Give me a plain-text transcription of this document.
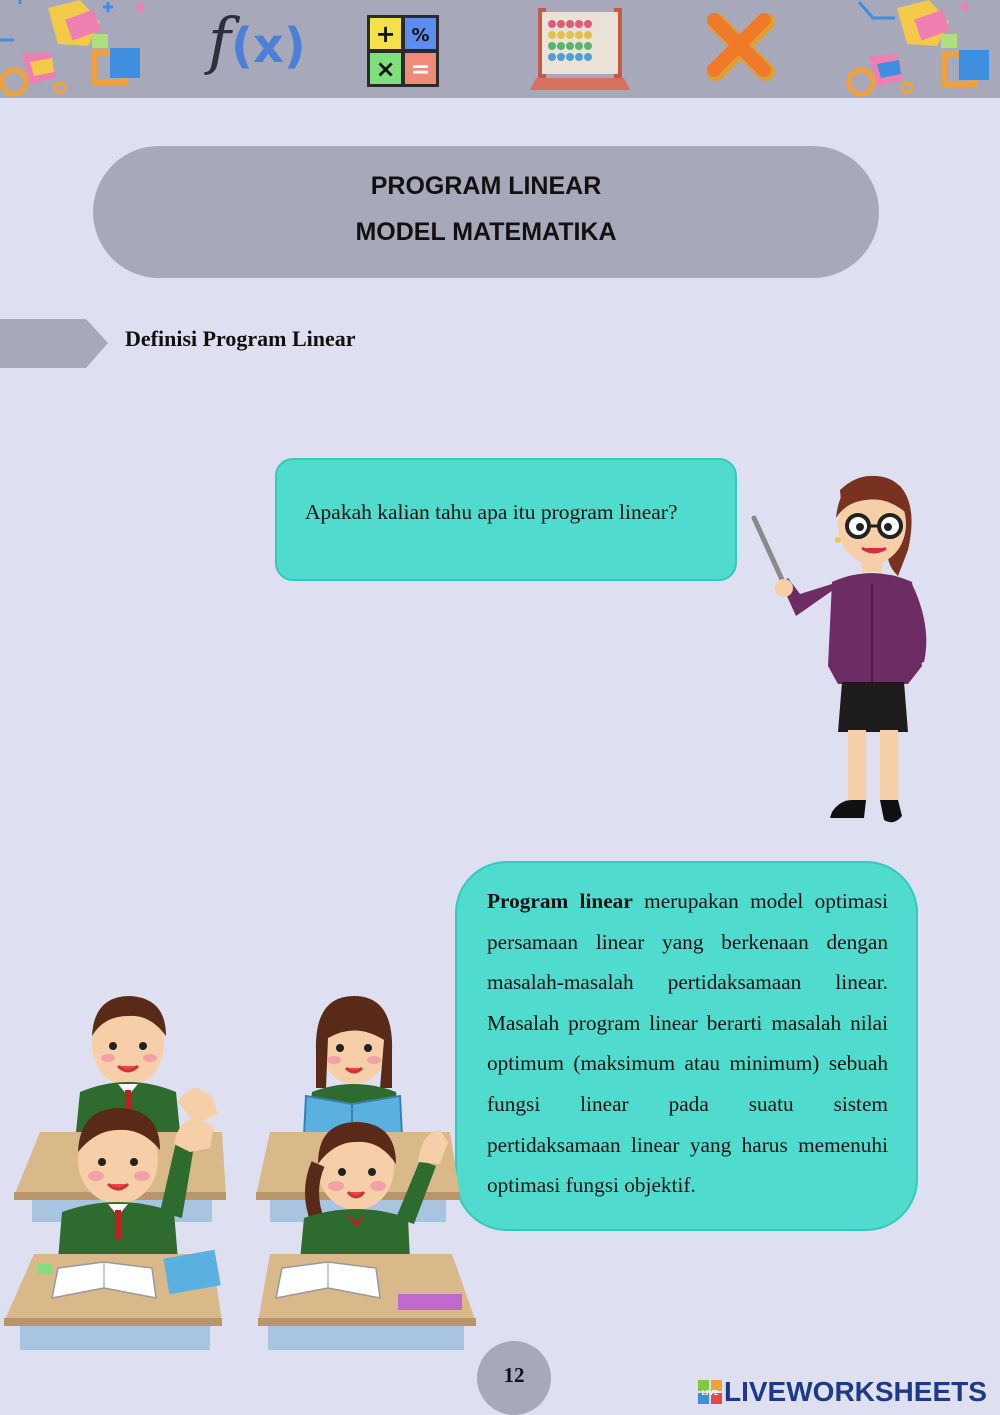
f(x)	+ %
× =
PROGRAM LINEAR
MODEL MATEMATIKA
Definisi Program Linear
Apakah kalian tahu apa itu program linear?

Program linear merupakan model optimasi persamaan linear yang berkenaan dengan masalah-masalah pertidaksamaan linear. Masalah program linear berarti masalah nilai optimum (maksimum atau minimum) sebuah fungsi linear pada suatu sistem pertidaksamaan linear yang harus memenuhi optimasi fungsi objektif.

12
LIVE LIVEWORKSHEETS
